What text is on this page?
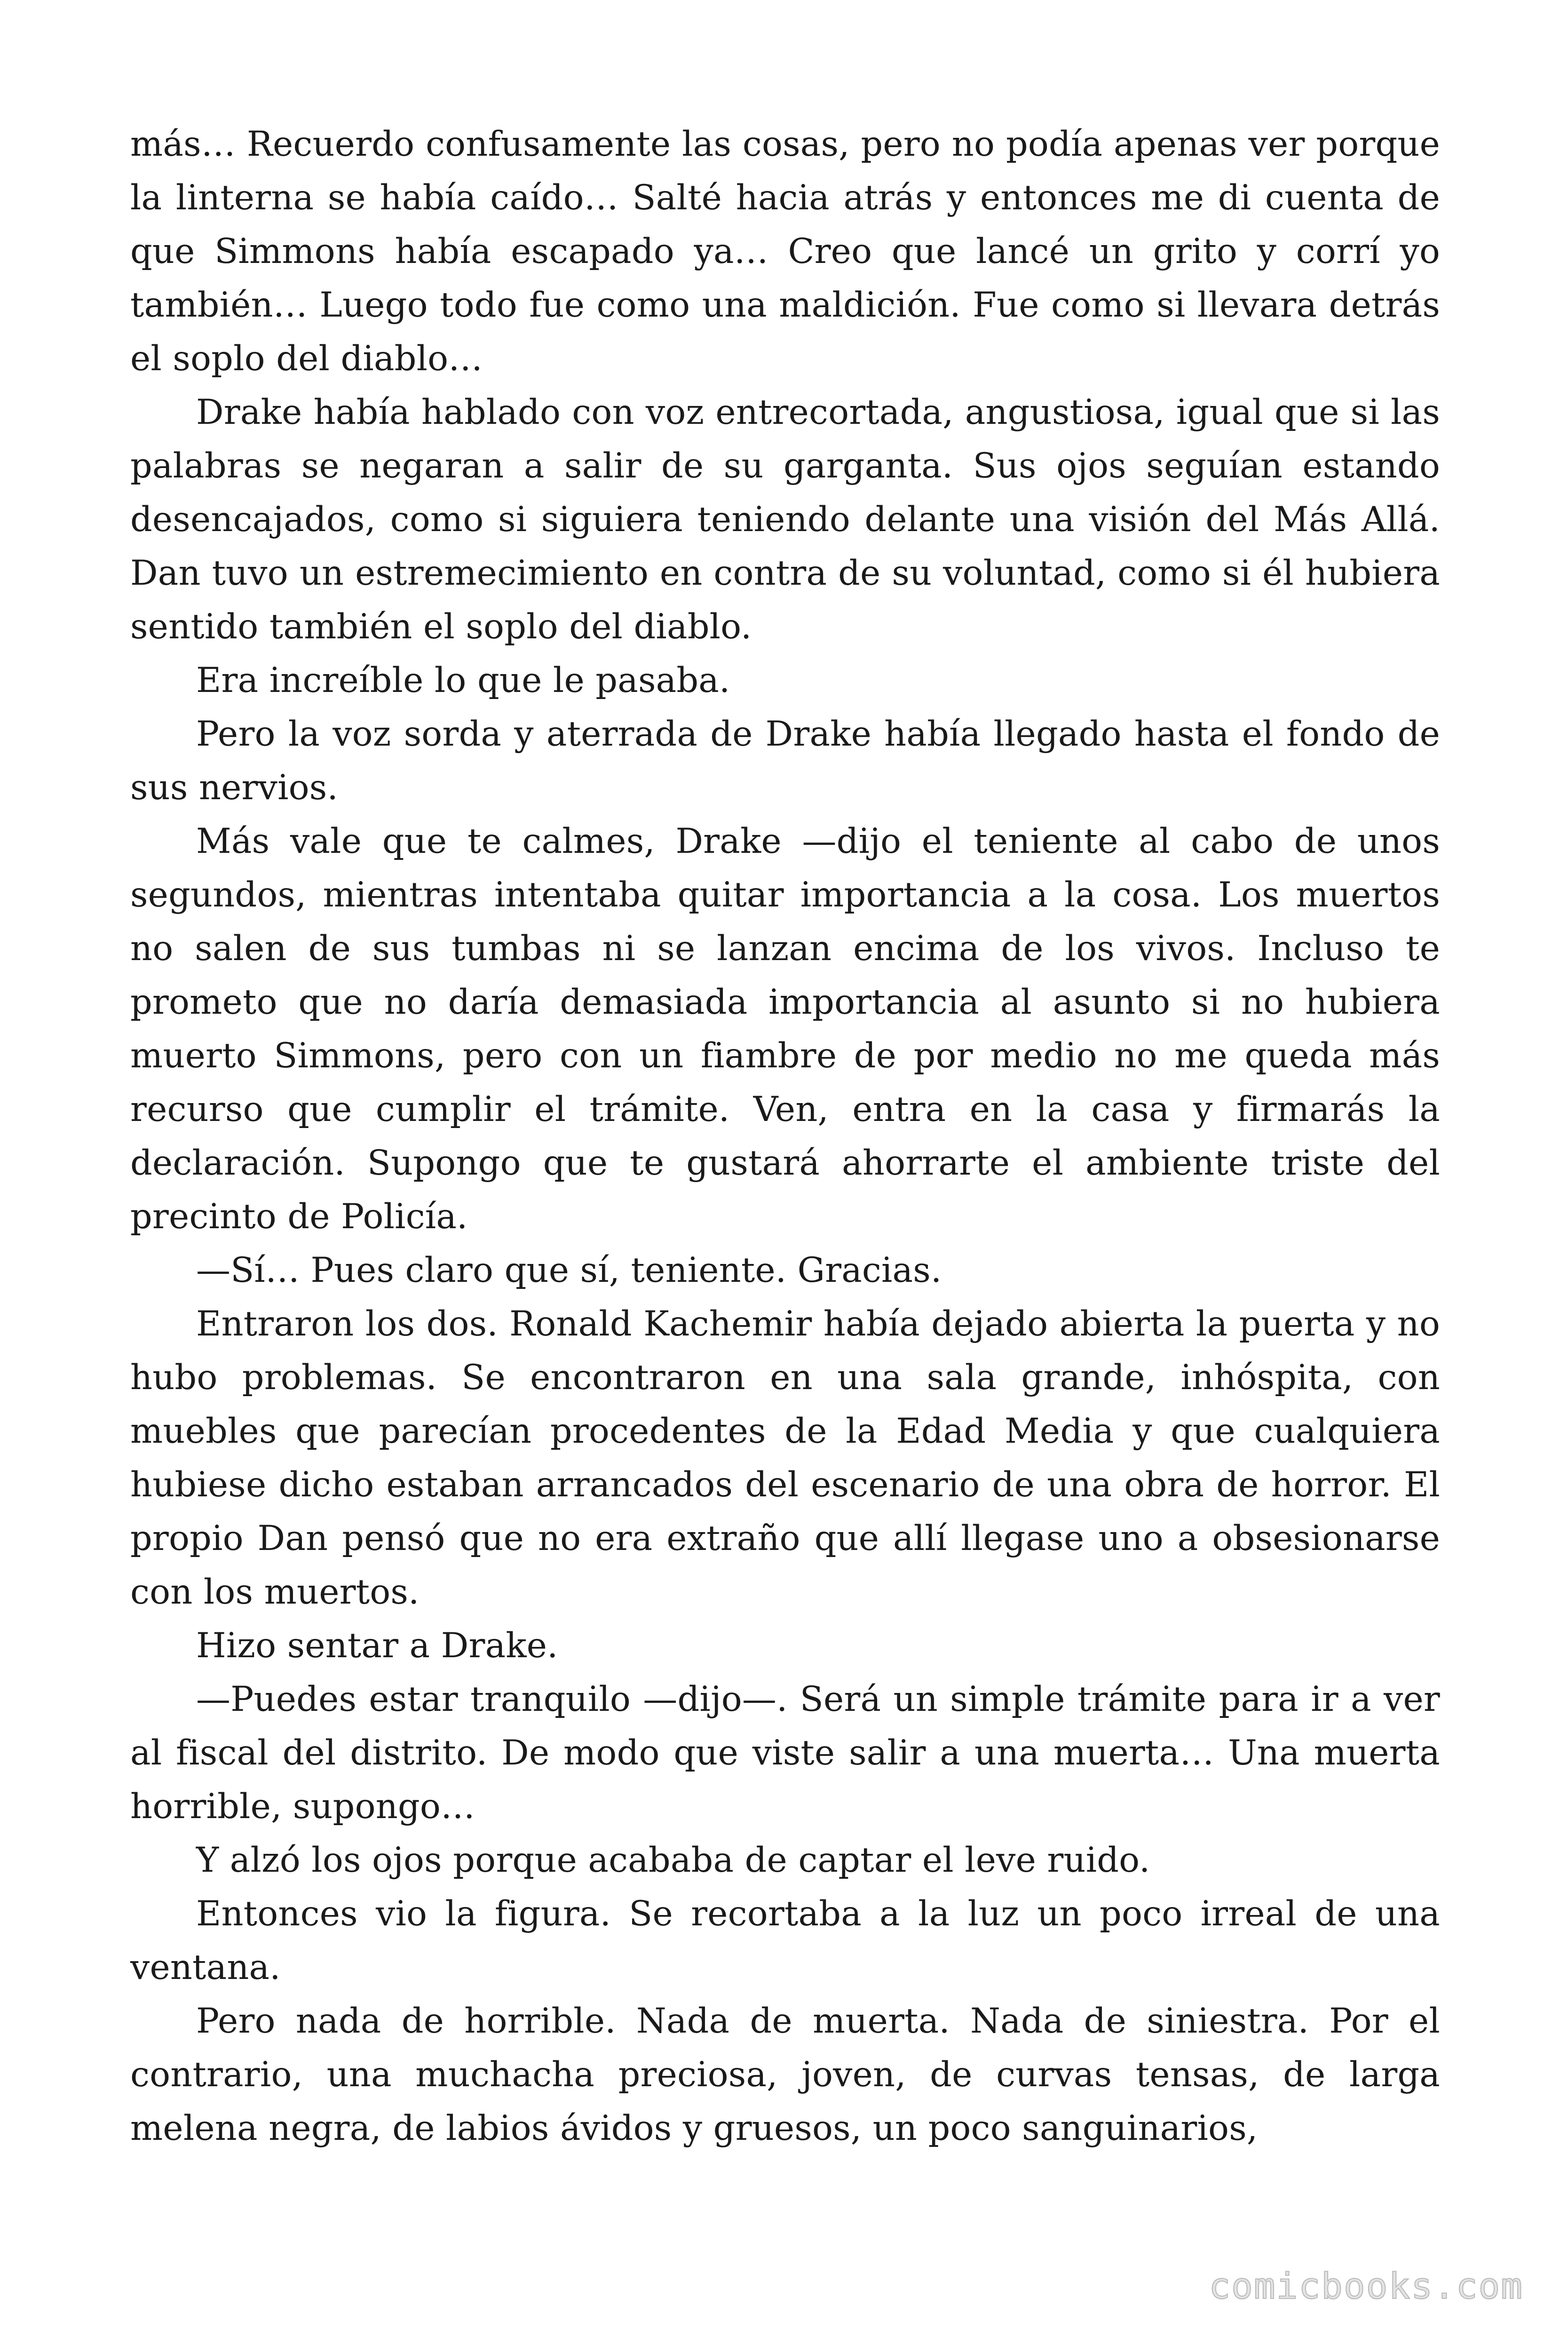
más… Recuerdo confusamente las cosas, pero no podía apenas ver porque la linterna se había caído… Salté hacia atrás y entonces me di cuenta de que Simmons había escapado ya… Creo que lancé un grito y corrí yo también… Luego todo fue como una maldición. Fue como si llevara detrás el soplo del diablo…

Drake había hablado con voz entrecortada, angustiosa, igual que si las palabras se negaran a salir de su garganta. Sus ojos seguían estando desencajados, como si siguiera teniendo delante una visión del Más Allá. Dan tuvo un estremecimiento en contra de su voluntad, como si él hubiera sentido también el soplo del diablo.

Era increíble lo que le pasaba.

Pero la voz sorda y aterrada de Drake había llegado hasta el fondo de sus nervios.

Más vale que te calmes, Drake —dijo el teniente al cabo de unos segundos, mientras intentaba quitar importancia a la cosa. Los muertos no salen de sus tumbas ni se lanzan encima de los vivos. Incluso te prometo que no daría demasiada importancia al asunto si no hubiera muerto Simmons, pero con un fiambre de por medio no me queda más recurso que cumplir el trámite. Ven, entra en la casa y firmarás la declaración. Supongo que te gustará ahorrarte el ambiente triste del precinto de Policía.

—Sí… Pues claro que sí, teniente. Gracias.

Entraron los dos. Ronald Kachemir había dejado abierta la puerta y no hubo problemas. Se encontraron en una sala grande, inhóspita, con muebles que parecían procedentes de la Edad Media y que cualquiera hubiese dicho estaban arrancados del escenario de una obra de horror. El propio Dan pensó que no era extraño que allí llegase uno a obsesionarse con los muertos.

Hizo sentar a Drake.

—Puedes estar tranquilo —dijo—. Será un simple trámite para ir a ver al fiscal del distrito. De modo que viste salir a una muerta… Una muerta horrible, supongo…

Y alzó los ojos porque acababa de captar el leve ruido.

Entonces vio la figura. Se recortaba a la luz un poco irreal de una ventana.

Pero nada de horrible. Nada de muerta. Nada de siniestra. Por el contrario, una muchacha preciosa, joven, de curvas tensas, de larga melena negra, de labios ávidos y gruesos, un poco sanguinarios,

comicbooks.com
